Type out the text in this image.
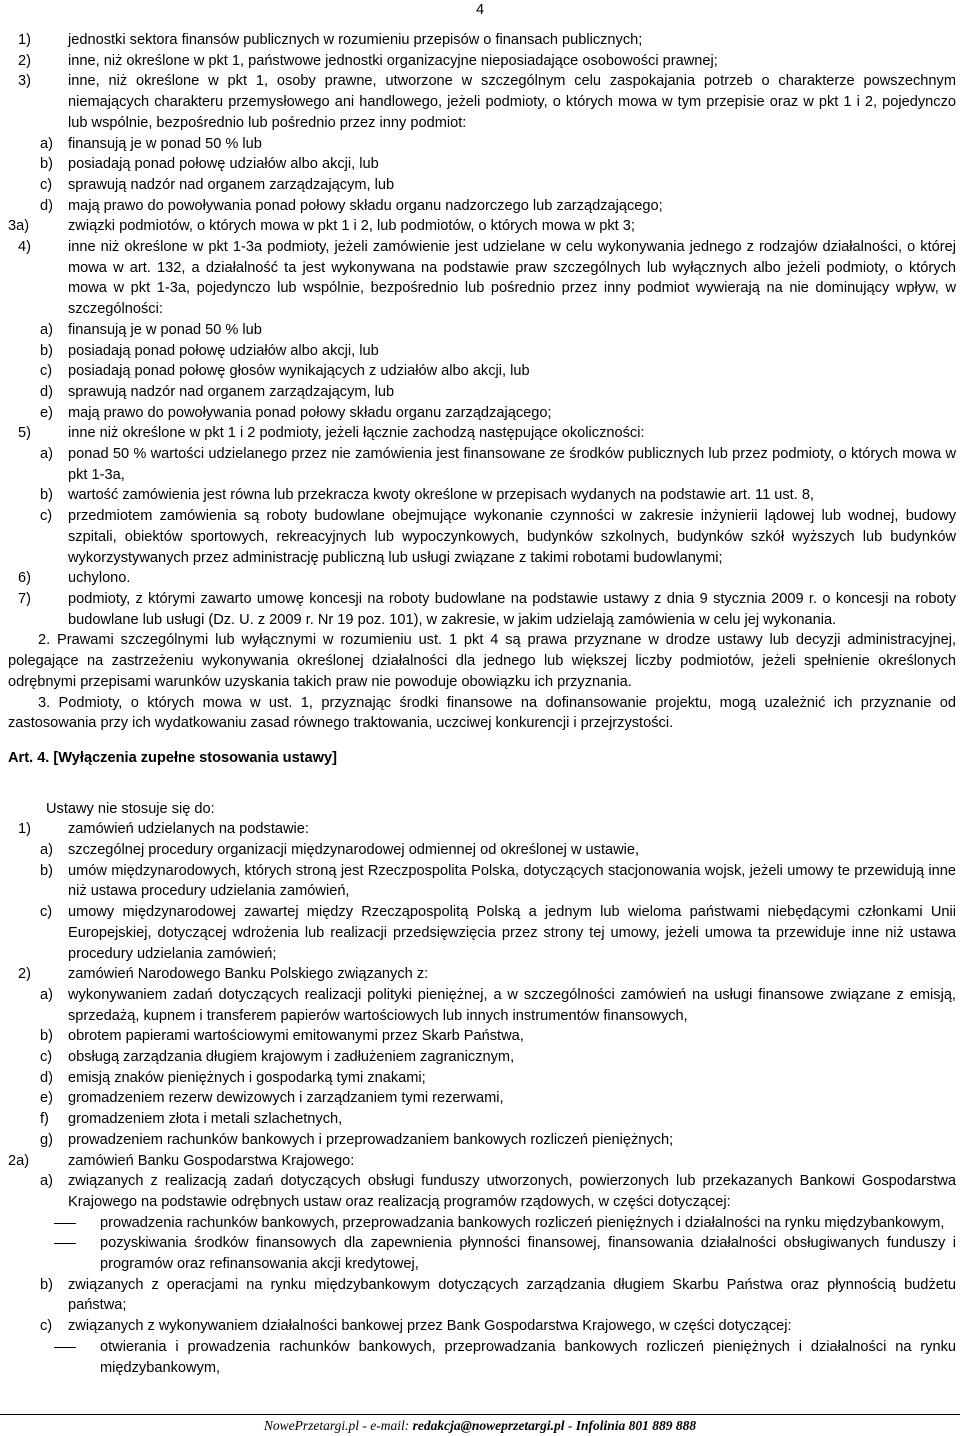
4
1)	jednostki sektora finansów publicznych w rozumieniu przepisów o finansach publicznych;
2)	inne, niż określone w pkt 1, państwowe jednostki organizacyjne nieposiadające osobowości prawnej;
3)	inne, niż określone w pkt 1, osoby prawne, utworzone w szczególnym celu zaspokajania potrzeb o charakterze powszechnym niemających charakteru przemysłowego ani handlowego, jeżeli podmioty, o których mowa w tym przepisie oraz w pkt 1 i 2, pojedynczo lub wspólnie, bezpośrednio lub pośrednio przez inny podmiot:
a) finansują je w ponad 50 % lub
b) posiadają ponad połowę udziałów albo akcji, lub
c) sprawują nadzór nad organem zarządzającym, lub
d) mają prawo do powoływania ponad połowy składu organu nadzorczego lub zarządzającego;
3a)	związki podmiotów, o których mowa w pkt 1 i 2, lub podmiotów, o których mowa w pkt 3;
4)	inne niż określone w pkt 1-3a podmioty, jeżeli zamówienie jest udzielane w celu wykonywania jednego z rodzajów działalności, o której mowa w art. 132, a działalność ta jest wykonywana na podstawie praw szczególnych lub wyłącznych albo jeżeli podmioty, o których mowa w pkt 1-3a, pojedynczo lub wspólnie, bezpośrednio lub pośrednio przez inny podmiot wywierają na nie dominujący wpływ, w szczególności:
a) finansują je w ponad 50 % lub
b) posiadają ponad połowę udziałów albo akcji, lub
c) posiadają ponad połowę głosów wynikających z udziałów albo akcji, lub
d) sprawują nadzór nad organem zarządzającym, lub
e) mają prawo do powoływania ponad połowy składu organu zarządzającego;
5)	inne niż określone w pkt 1 i 2 podmioty, jeżeli łącznie zachodzą następujące okoliczności:
a) ponad 50 % wartości udzielanego przez nie zamówienia jest finansowane ze środków publicznych lub przez podmioty, o których mowa w pkt 1-3a,
b) wartość zamówienia jest równa lub przekracza kwoty określone w przepisach wydanych na podstawie art. 11 ust. 8,
c) przedmiotem zamówienia są roboty budowlane obejmujące wykonanie czynności w zakresie inżynierii lądowej lub wodnej, budowy szpitali, obiektów sportowych, rekreacyjnych lub wypoczynkowych, budynków szkolnych, budynków szkół wyższych lub budynków wykorzystywanych przez administrację publiczną lub usługi związane z takimi robotami budowlanymi;
6)	uchylono.
7)	podmioty, z którymi zawarto umowę koncesji na roboty budowlane na podstawie ustawy z dnia 9 stycznia 2009 r. o koncesji na roboty budowlane lub usługi (Dz. U. z 2009 r. Nr 19 poz. 101), w zakresie, w jakim udzielają zamówienia w celu jej wykonania.
2. Prawami szczególnymi lub wyłącznymi w rozumieniu ust. 1 pkt 4 są prawa przyznane w drodze ustawy lub decyzji administracyjnej, polegające na zastrzeżeniu wykonywania określonej działalności dla jednego lub większej liczby podmiotów, jeżeli spełnienie określonych odrębnymi przepisami warunków uzyskania takich praw nie powoduje obowiązku ich przyznania.
3. Podmioty, o których mowa w ust. 1, przyznając środki finansowe na dofinansowanie projektu, mogą uzależnić ich przyznanie od zastosowania przy ich wydatkowaniu zasad równego traktowania, uczciwej konkurencji i przejrzystości.
Art. 4. [Wyłączenia zupełne stosowania ustawy]
Ustawy nie stosuje się do:
1)	zamówień udzielanych na podstawie:
a) szczególnej procedury organizacji międzynarodowej odmiennej od określonej w ustawie,
b) umów międzynarodowych, których stroną jest Rzeczpospolita Polska, dotyczących stacjonowania wojsk, jeżeli umowy te przewidują inne niż ustawa procedury udzielania zamówień,
c) umowy międzynarodowej zawartej między Rzecząpospolitą Polską a jednym lub wieloma państwami niebędącymi członkami Unii Europejskiej, dotyczącej wdrożenia lub realizacji przedsięwzięcia przez strony tej umowy, jeżeli umowa ta przewiduje inne niż ustawa procedury udzielania zamówień;
2)	zamówień Narodowego Banku Polskiego związanych z:
a) wykonywaniem zadań dotyczących realizacji polityki pieniężnej, a w szczególności zamówień na usługi finansowe związane z emisją, sprzedażą, kupnem i transferem papierów wartościowych lub innych instrumentów finansowych,
b) obrotem papierami wartościowymi emitowanymi przez Skarb Państwa,
c) obsługą zarządzania długiem krajowym i zadłużeniem zagranicznym,
d) emisją znaków pieniężnych i gospodarką tymi znakami;
e) gromadzeniem rezerw dewizowych i zarządzaniem tymi rezerwami,
f) gromadzeniem złota i metali szlachetnych,
g) prowadzeniem rachunków bankowych i przeprowadzaniem bankowych rozliczeń pieniężnych;
2a)	zamówień Banku Gospodarstwa Krajowego:
a) związanych z realizacją zadań dotyczących obsługi funduszy utworzonych, powierzonych lub przekazanych Bankowi Gospodarstwa Krajowego na podstawie odrębnych ustaw oraz realizacją programów rządowych, w części dotyczącej:
prowadzenia rachunków bankowych, przeprowadzania bankowych rozliczeń pieniężnych i działalności na rynku międzybankowym,
pozyskiwania środków finansowych dla zapewnienia płynności finansowej, finansowania działalności obsługiwanych funduszy i programów oraz refinansowania akcji kredytowej,
b) związanych z operacjami na rynku międzybankowym dotyczących zarządzania długiem Skarbu Państwa oraz płynnością budżetu państwa;
c) związanych z wykonywaniem działalności bankowej przez Bank Gospodarstwa Krajowego, w części dotyczącej:
otwierania i prowadzenia rachunków bankowych, przeprowadzania bankowych rozliczeń pieniężnych i działalności na rynku międzybankowym,
NowePrzetargi.pl - e-mail: redakcja@noweprzetargi.pl - Infolinia 801 889 888
